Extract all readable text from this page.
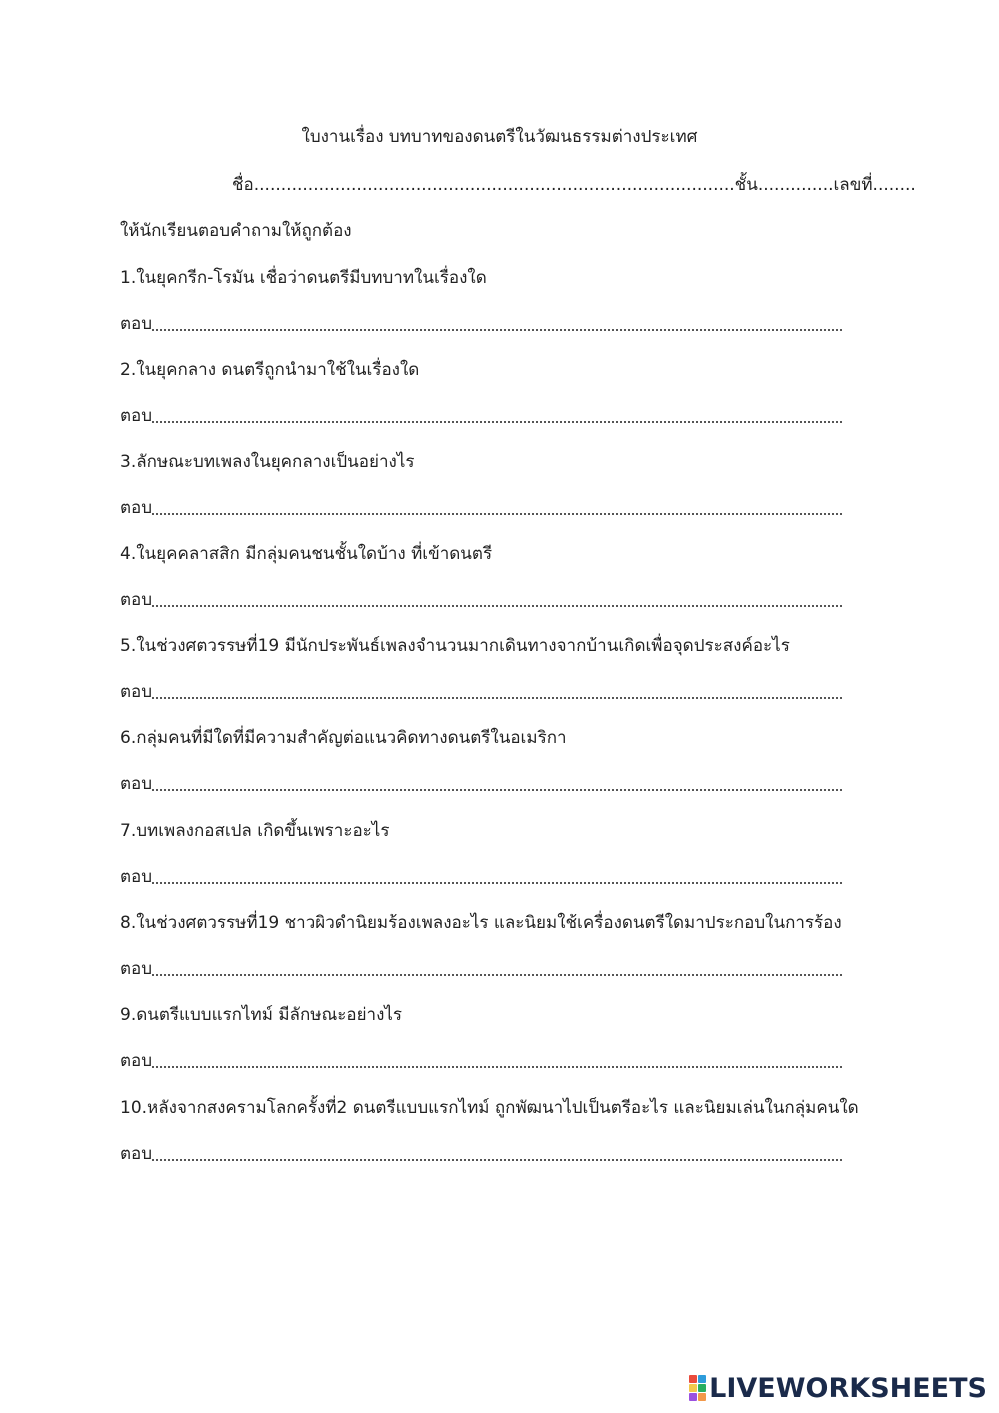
ใบงานเรื่อง บทบาทของดนตรีในวัฒนธรรมต่างประเทศ
ชื่อ.........................................................................................ชั้น..............เลขที่........
ให้นักเรียนตอบคำถามให้ถูกต้อง
1.ในยุคกรีก-โรมัน เชื่อว่าดนตรีมีบทบาทในเรื่องใด
ตอบ
2.ในยุคกลาง ดนตรีถูกนำมาใช้ในเรื่องใด
ตอบ
3.ลักษณะบทเพลงในยุคกลางเป็นอย่างไร
ตอบ
4.ในยุคคลาสสิก มีกลุ่มคนชนชั้นใดบ้าง ที่เข้าดนตรี
ตอบ
5.ในช่วงศตวรรษที่19 มีนักประพันธ์เพลงจำนวนมากเดินทางจากบ้านเกิดเพื่อจุดประสงค์อะไร
ตอบ
6.กลุ่มคนที่มีใดที่มีความสำคัญต่อแนวคิดทางดนตรีในอเมริกา
ตอบ
7.บทเพลงกอสเปล เกิดขึ้นเพราะอะไร
ตอบ
8.ในช่วงศตวรรษที่19 ชาวผิวดำนิยมร้องเพลงอะไร และนิยมใช้เครื่องดนตรีใดมาประกอบในการร้อง
ตอบ
9.ดนตรีแบบแรกไทม์ มีลักษณะอย่างไร
ตอบ
10.หลังจากสงครามโลกครั้งที่2 ดนตรีแบบแรกไทม์ ถูกพัฒนาไปเป็นตรีอะไร และนิยมเล่นในกลุ่มคนใด
ตอบ
LIVEWORKSHEETS
